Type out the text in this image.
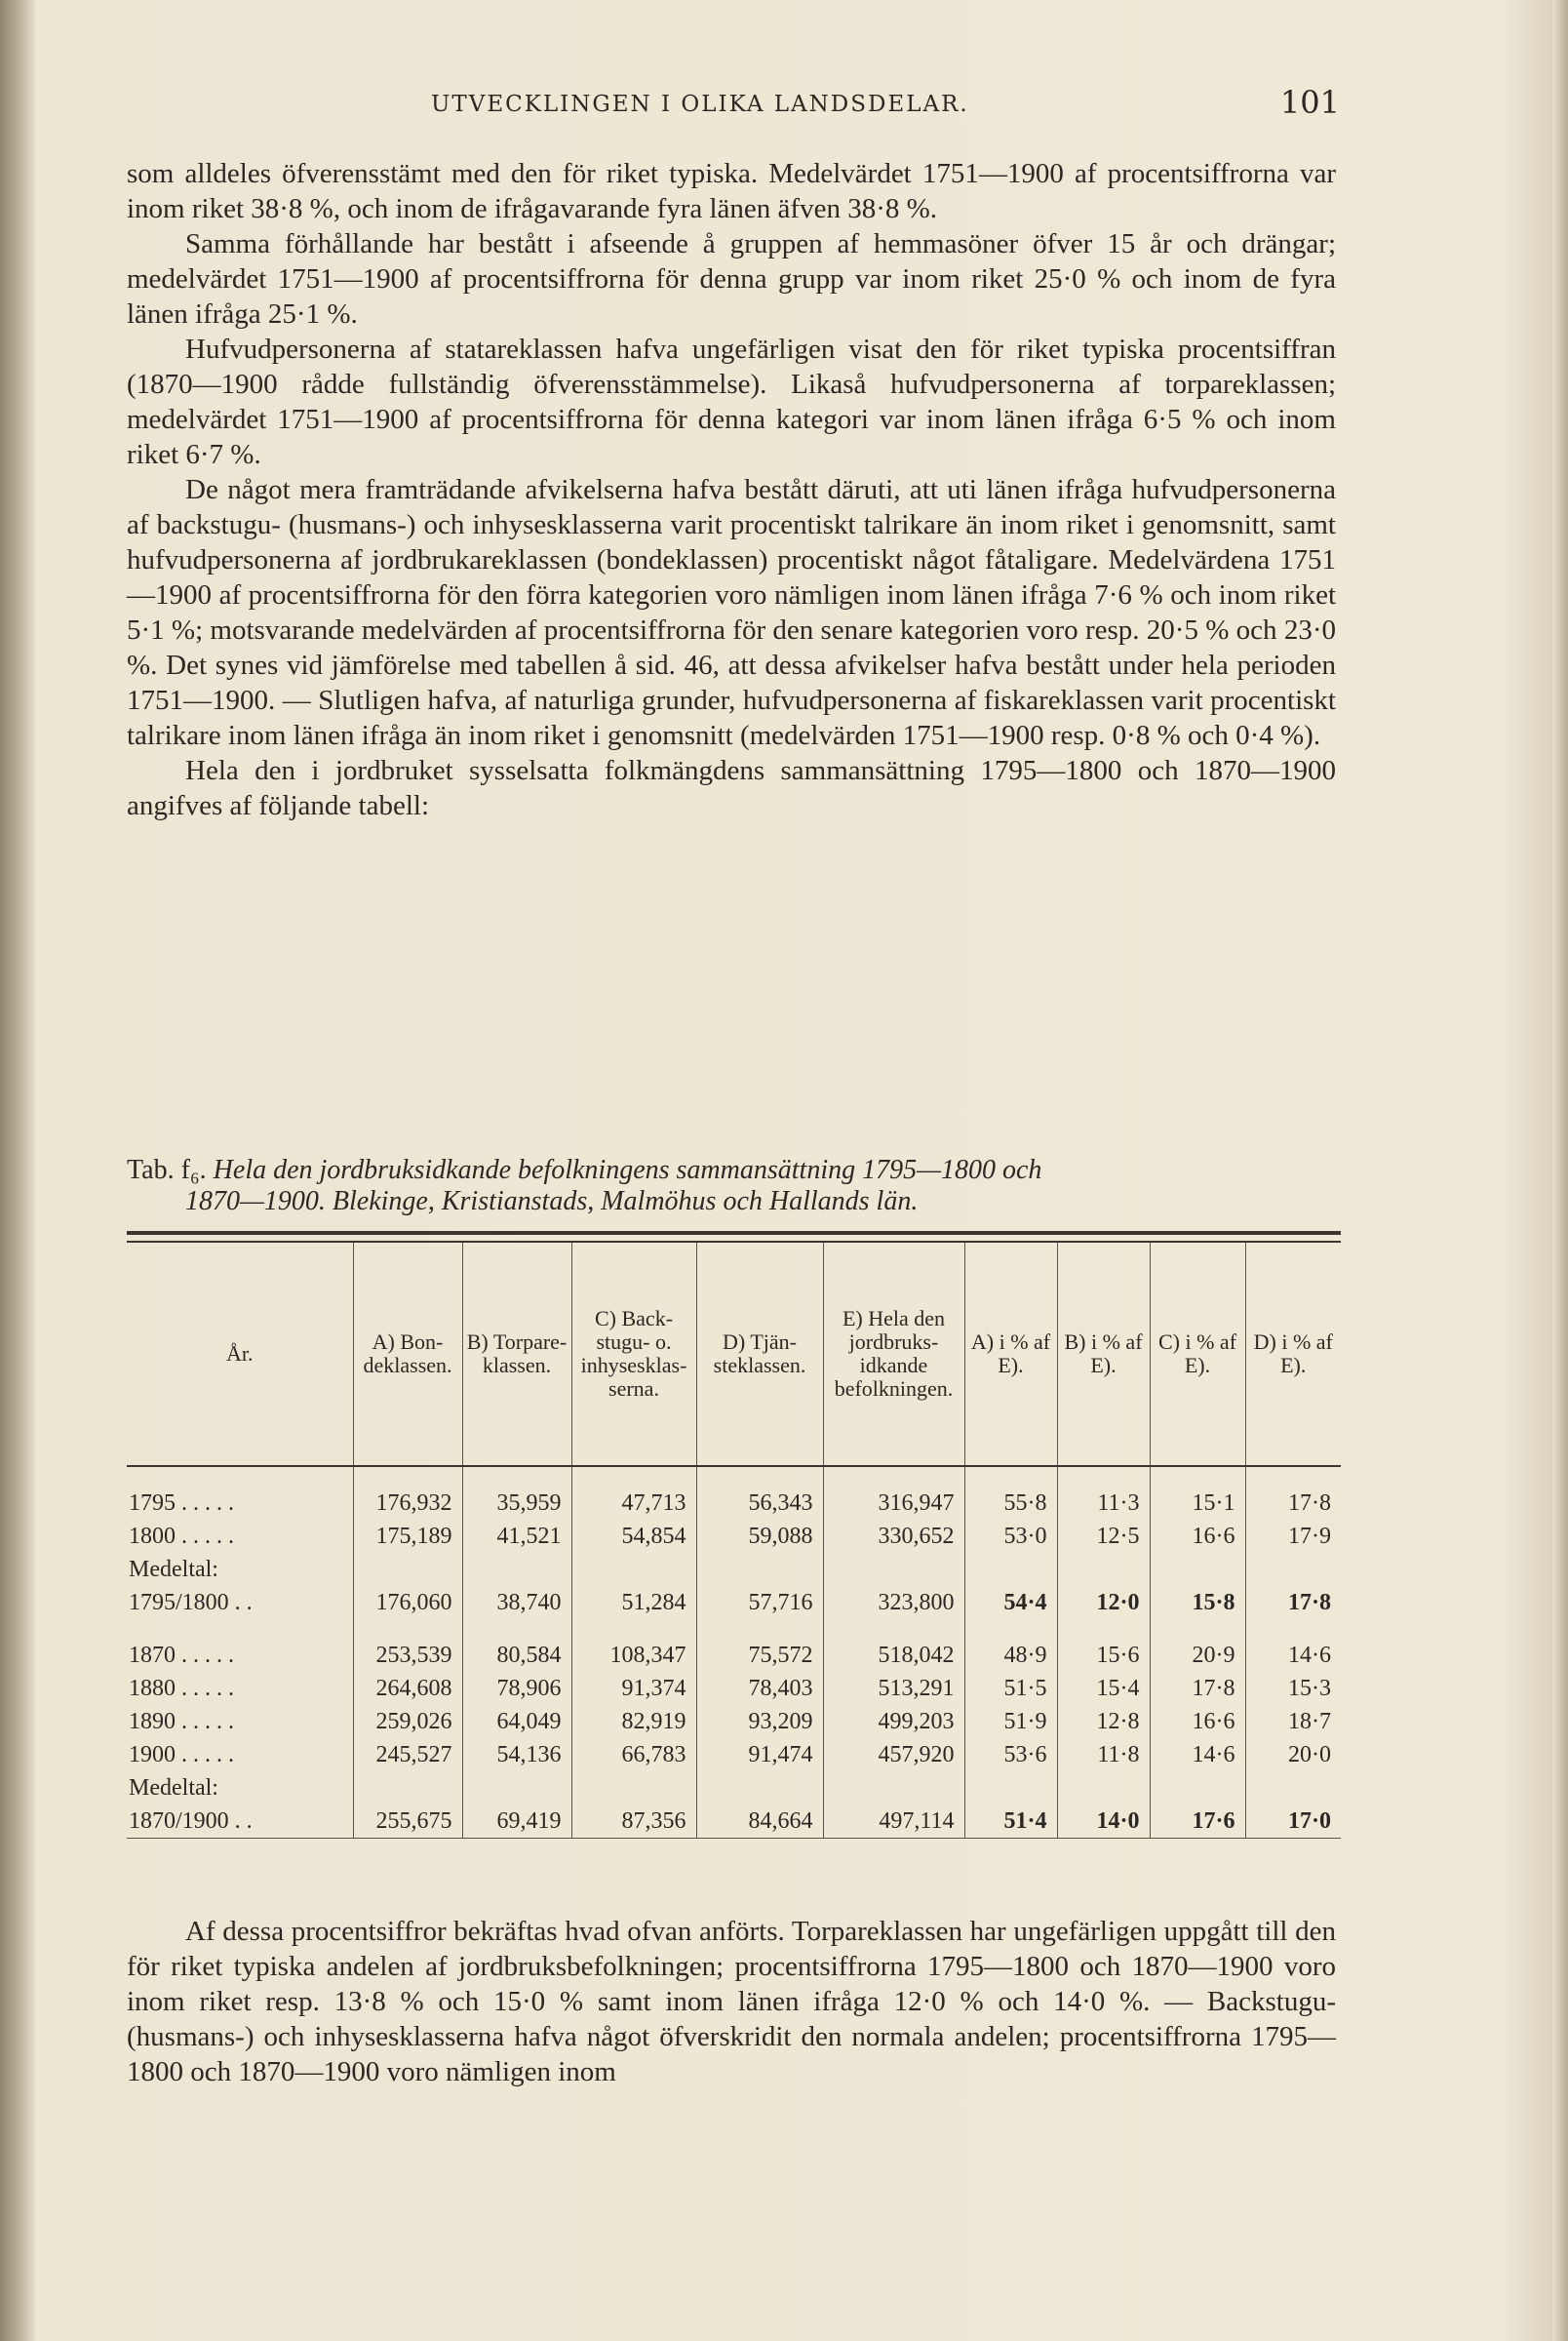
UTVECKLINGEN I OLIKA LANDSDELAR.	101

som alldeles öfverensstämt med den för riket typiska. Medelvärdet 1751—1900 af procentsiffrorna var inom riket 38·8 %, och inom de ifrågavarande fyra länen äfven 38·8 %.

Samma förhållande har bestått i afseende å gruppen af hemmasöner öfver 15 år och drängar; medelvärdet 1751—1900 af procentsiffrorna för denna grupp var inom riket 25·0 % och inom de fyra länen ifråga 25·1 %.

Hufvudpersonerna af statareklassen hafva ungefärligen visat den för riket typiska procentsiffran (1870—1900 rådde fullständig öfverensstämmelse). Likaså hufvudpersonerna af torpareklassen; medelvärdet 1751—1900 af procentsiffrorna för denna kategori var inom länen ifråga 6·5 % och inom riket 6·7 %.

De något mera framträdande afvikelserna hafva bestått däruti, att uti länen ifråga hufvudpersonerna af backstugu- (husmans-) och inhysesklasserna varit procentiskt talrikare än inom riket i genomsnitt, samt hufvudpersonerna af jordbrukareklassen (bondeklassen) procentiskt något fåtaligare. Medelvärdena 1751—1900 af procentsiffrorna för den förra kategorien voro nämligen inom länen ifråga 7·6 % och inom riket 5·1 %; motsvarande medelvärden af procentsiffrorna för den senare kategorien voro resp. 20·5 % och 23·0 %. Det synes vid jämförelse med tabellen å sid. 46, att dessa afvikelser hafva bestått under hela perioden 1751—1900. — Slutligen hafva, af naturliga grunder, hufvudpersonerna af fiskareklassen varit procentiskt talrikare inom länen ifråga än inom riket i genomsnitt (medelvärden 1751—1900 resp. 0·8 % och 0·4 %).

Hela den i jordbruket sysselsatta folkmängdens sammansättning 1795—1800 och 1870—1900 angifves af följande tabell:

Tab. f₆. Hela den jordbruksidkande befolkningens sammansättning 1795—1800 och
1870—1900. Blekinge, Kristianstads, Malmöhus och Hallands län.
År.	A) Bondeklassen.	B) Torpareklassen.	C) Backstugu- o. inhysesklasserna.	D) Tjänsteklassen.	E) Hela den jordbruksidkande befolkningen.	A) i % af E).	B) i % af E).	C) i % af E).	D) i % af E).

1795 . . . . .	176,932	35,959	47,713	56,343	316,947	55·8	11·3	15·1	17·8
1800 . . . . .	175,189	41,521	54,854	59,088	330,652	53·0	12·5	16·6	17·9
Medeltal:									
1795/1800 . .	176,060	38,740	51,284	57,716	323,800	54·4	12·0	15·8	17·8

1870 . . . . .	253,539	80,584	108,347	75,572	518,042	48·9	15·6	20·9	14·6
1880 . . . . .	264,608	78,906	91,374	78,403	513,291	51·5	15·4	17·8	15·3
1890 . . . . .	259,026	64,049	82,919	93,209	499,203	51·9	12·8	16·6	18·7
1900 . . . . .	245,527	54,136	66,783	91,474	457,920	53·6	11·8	14·6	20·0
Medeltal:									
1870/1900 . .	255,675	69,419	87,356	84,664	497,114	51·4	14·0	17·6	17·0

Af dessa procentsiffror bekräftas hvad ofvan anförts. Torpareklassen har ungefärligen uppgått till den för riket typiska andelen af jordbruksbefolkningen; procentsiffrorna 1795—1800 och 1870—1900 voro inom riket resp. 13·8 % och 15·0 % samt inom länen ifråga 12·0 % och 14·0 %. — Backstugu- (husmans-) och inhysesklasserna hafva något öfverskridit den normala andelen; procentsiffrorna 1795—1800 och 1870—1900 voro nämligen inom
